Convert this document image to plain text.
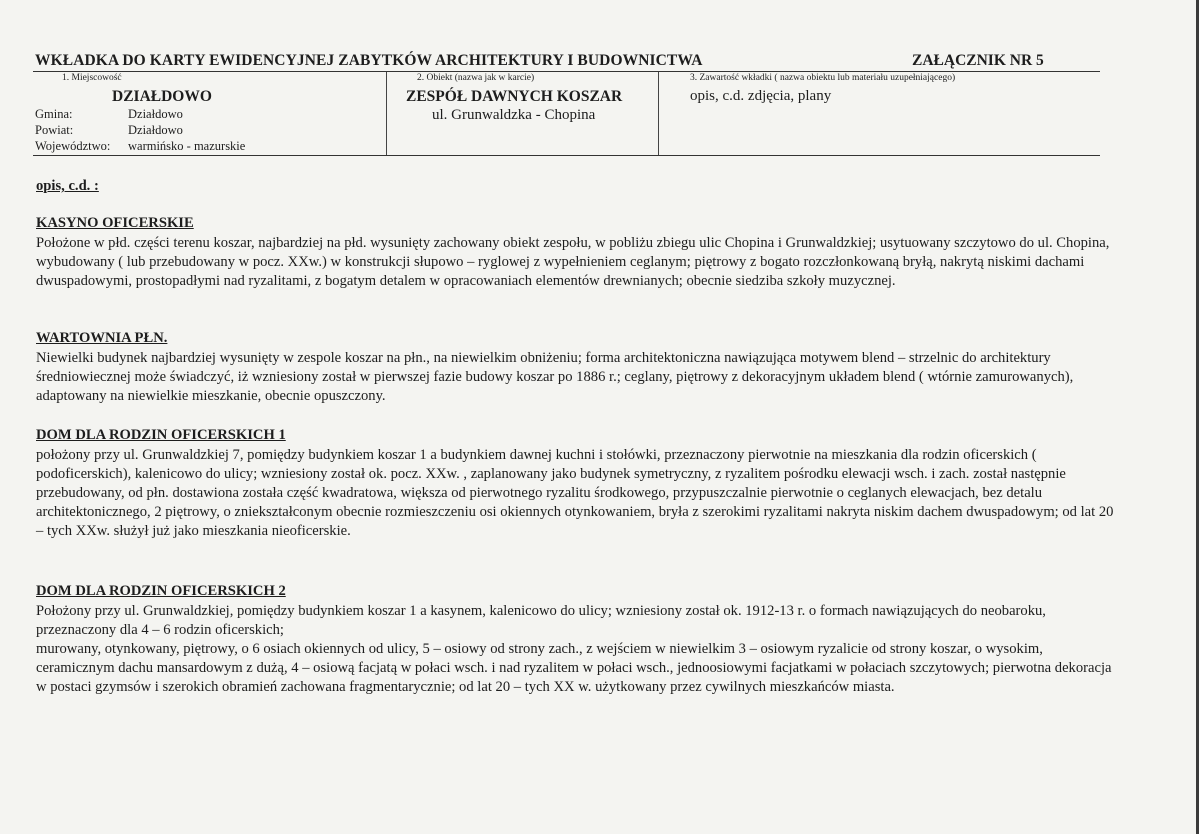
WKŁADKA DO KARTY EWIDENCYJNEJ ZABYTKÓW ARCHITEKTURY I BUDOWNICTWA	ZAŁĄCZNIK NR 5
1. Miejscowość
DZIAŁDOWO
Gmina:	Działdowo
Powiat:	Działdowo
Województwo: warmińsko - mazurskie
2. Obiekt (nazwa jak w karcie)
ZESPÓŁ DAWNYCH KOSZAR
ul. Grunwaldzka - Chopina
3. Zawartość wkładki ( nazwa obiektu lub materiału uzupełniającego)
opis, c.d. zdjęcia, plany
opis, c.d. :
KASYNO OFICERSKIE

Położone w płd. części terenu koszar, najbardziej na płd. wysunięty zachowany obiekt zespołu, w pobliżu zbiegu ulic Chopina i Grunwaldzkiej; usytuowany szczytowo do ul. Chopina, wybudowany ( lub przebudowany w pocz. XXw.) w konstrukcji słupowo – ryglowej z wypełnieniem ceglanym; piętrowy z bogato rozczłonkowaną bryłą, nakrytą niskimi dachami dwuspadowymi, prostopadłymi nad ryzalitami, z bogatym detalem w opracowaniach elementów drewnianych; obecnie siedziba szkoły muzycznej.

WARTOWNIA PŁN.

Niewielki budynek najbardziej wysunięty w zespole koszar na płn., na niewielkim obniżeniu; forma architektoniczna nawiązująca motywem blend – strzelnic do architektury średniowiecznej może świadczyć, iż wzniesiony został w pierwszej fazie budowy koszar po 1886 r.; ceglany, piętrowy z dekoracyjnym układem blend ( wtórnie zamurowanych), adaptowany na niewielkie mieszkanie, obecnie opuszczony.

DOM DLA RODZIN OFICERSKICH 1

położony przy ul. Grunwaldzkiej 7, pomiędzy budynkiem koszar 1 a budynkiem dawnej kuchni i stołówki, przeznaczony pierwotnie na mieszkania dla rodzin oficerskich ( podoficerskich), kalenicowo do ulicy; wzniesiony został ok. pocz. XXw. , zaplanowany jako budynek symetryczny, z ryzalitem pośrodku elewacji wsch. i zach. został następnie przebudowany, od płn. dostawiona została część kwadratowa, większa od pierwotnego ryzalitu środkowego, przypuszczalnie pierwotnie o ceglanych elewacjach, bez detalu architektonicznego, 2 piętrowy, o zniekształconym obecnie rozmieszczeniu osi okiennych otynkowaniem, bryła z szerokimi ryzalitami nakryta niskim dachem dwuspadowym; od lat 20 – tych XXw. służył już jako mieszkania nieoficerskie.

DOM DLA RODZIN OFICERSKICH 2

Położony przy ul. Grunwaldzkiej, pomiędzy budynkiem koszar 1 a kasynem, kalenicowo do ulicy; wzniesiony został ok. 1912-13 r. o formach nawiązujących do neobaroku, przeznaczony dla 4 – 6 rodzin oficerskich;

murowany, otynkowany, piętrowy, o 6 osiach okiennych od ulicy, 5 – osiowy od strony zach., z wejściem w niewielkim 3 – osiowym ryzalicie od strony koszar, o wysokim, ceramicznym dachu mansardowym z dużą, 4 – osiową facjatą w połaci wsch. i nad ryzalitem w połaci wsch., jednoosiowymi facjatkami w połaciach szczytowych; pierwotna dekoracja w postaci gzymsów i szerokich obramień zachowana fragmentarycznie; od lat 20 – tych XX w. użytkowany przez cywilnych mieszkańców miasta.
